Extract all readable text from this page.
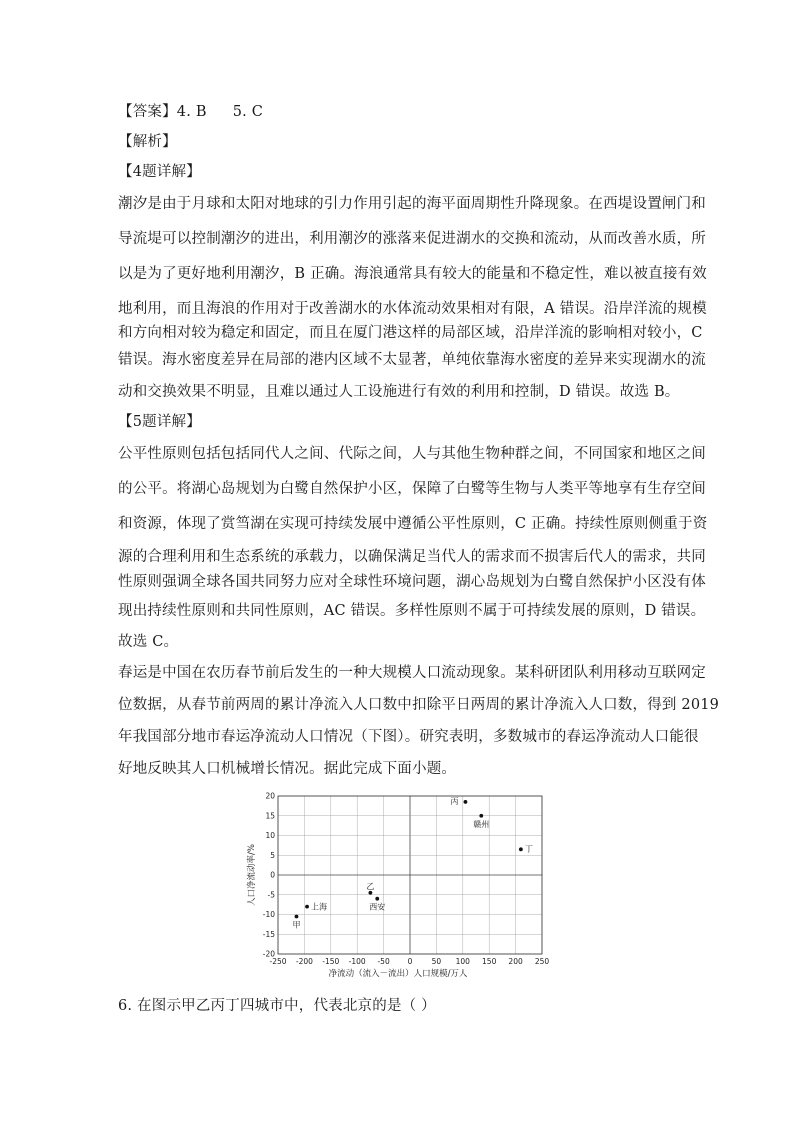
【答案】4. B 5. C
【解析】
【4题详解】
潮汐是由于月球和太阳对地球的引力作用引起的海平面周期性升降现象。在西堤设置闸门和
导流堤可以控制潮汐的进出，利用潮汐的涨落来促进湖水的交换和流动，从而改善水质，所
以是为了更好地利用潮汐，B 正确。海浪通常具有较大的能量和不稳定性，难以被直接有效
地利用，而且海浪的作用对于改善湖水的水体流动效果相对有限，A 错误。沿岸洋流的规模
和方向相对较为稳定和固定，而且在厦门港这样的局部区域，沿岸洋流的影响相对较小，C
错误。海水密度差异在局部的港内区域不太显著，单纯依靠海水密度的差异来实现湖水的流
动和交换效果不明显，且难以通过人工设施进行有效的利用和控制，D 错误。故选 B。
【5题详解】
公平性原则包括包括同代人之间、代际之间，人与其他生物种群之间，不同国家和地区之间
的公平。将湖心岛规划为白鹭自然保护小区，保障了白鹭等生物与人类平等地享有生存空间
和资源，体现了赏筜湖在实现可持续发展中遵循公平性原则，C 正确。持续性原则侧重于资
源的合理利用和生态系统的承载力，以确保满足当代人的需求而不损害后代人的需求，共同
性原则强调全球各国共同努力应对全球性环境问题，湖心岛规划为白鹭自然保护小区没有体
现出持续性原则和共同性原则，AC 错误。多样性原则不属于可持续发展的原则，D 错误。
故选 C。
春运是中国在农历春节前后发生的一种大规模人口流动现象。某科研团队利用移动互联网定
位数据，从春节前两周的累计净流入人口数中扣除平日两周的累计净流入人口数，得到 2019
年我国部分地市春运净流动人口情况（下图）。研究表明，多数城市的春运净流动人口能很
好地反映其人口机械增长情况。据此完成下面小题。
-250 -200 -150 -100 -50 0	50 100 150 200 250
20
15
10
5
0
-5
-10
-15
-20
丙
赣州
丁
乙
西安
上海
甲
净流动（流入－流出）人口规模/万人
人口净流动率/%
6. 在图示甲乙丙丁四城市中，代表北京的是（ ）
